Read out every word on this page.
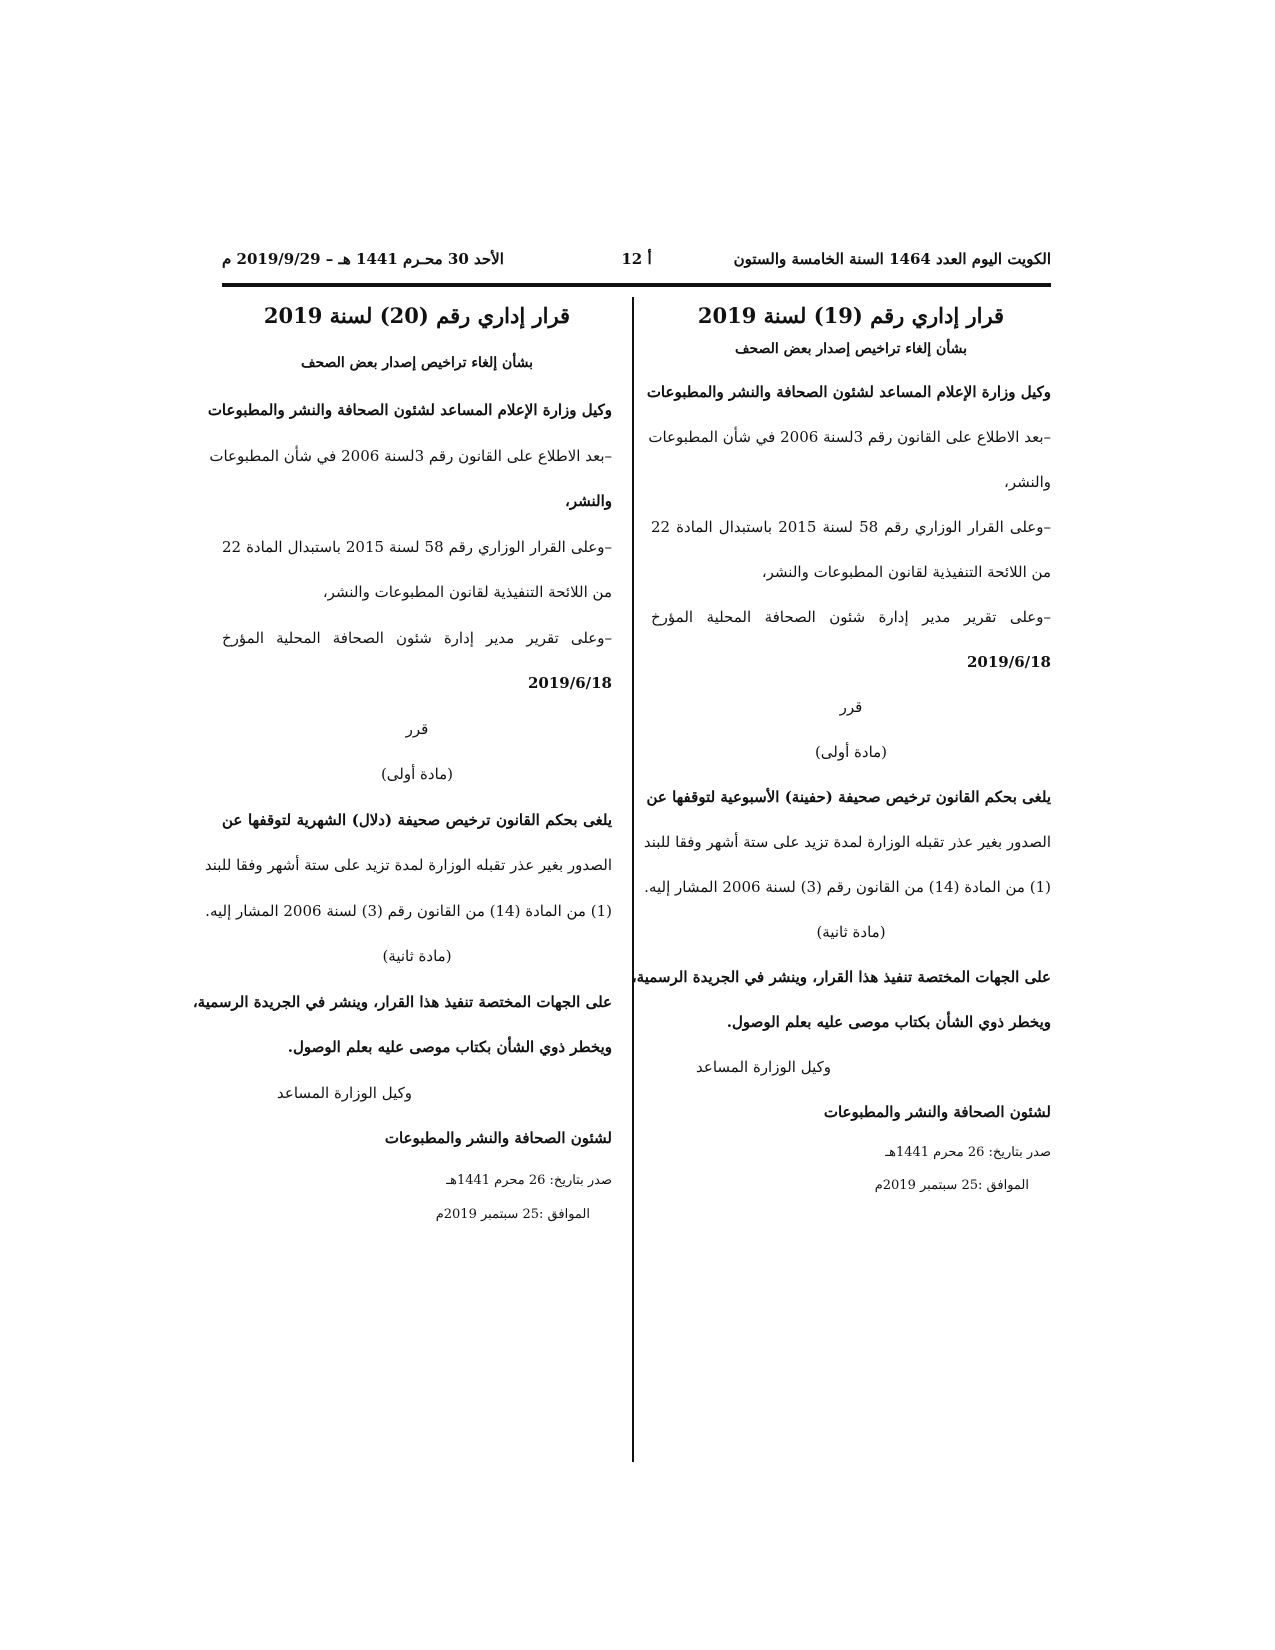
الكويت اليوم العدد 1464 السنة الخامسة والستون
أ 12
الأحد 30 محـرم 1441 هـ – 2019/9/29 م
قرار إداري رقم (19) لسنة 2019
بشأن إلغاء تراخيص إصدار بعض الصحف
وكيل وزارة الإعلام المساعد لشئون الصحافة والنشر والمطبوعات
–بعد الاطلاع على القانون رقم 3لسنة 2006 في شأن المطبوعات
والنشر،
–وعلى القرار الوزاري رقم 58 لسنة 2015 باستبدال المادة 22
من اللائحة التنفيذية لقانون المطبوعات والنشر،
–وعلى تقرير مدير إدارة شئون الصحافة المحلية المؤرخ
2019/6/18
قرر
(مادة أولى)
يلغى بحكم القانون ترخيص صحيفة (حفينة) الأسبوعية لتوقفها عن
الصدور بغير عذر تقبله الوزارة لمدة تزيد على ستة أشهر وفقا للبند
(1) من المادة (14) من القانون رقم (3) لسنة 2006 المشار إليه.
(مادة ثانية)
على الجهات المختصة تنفيذ هذا القرار، وينشر في الجريدة الرسمية،
ويخطر ذوي الشأن بكتاب موصى عليه بعلم الوصول.
وكيل الوزارة المساعد
لشئون الصحافة والنشر والمطبوعات
صدر بتاريخ: 26 محرم 1441هـ
الموافق :25 سبتمبر 2019م
قرار إداري رقم (20) لسنة 2019
بشأن إلغاء تراخيص إصدار بعض الصحف
وكيل وزارة الإعلام المساعد لشئون الصحافة والنشر والمطبوعات
–بعد الاطلاع على القانون رقم 3لسنة 2006 في شأن المطبوعات
والنشر،
–وعلى القرار الوزاري رقم 58 لسنة 2015 باستبدال المادة 22
من اللائحة التنفيذية لقانون المطبوعات والنشر،
–وعلى تقرير مدير إدارة شئون الصحافة المحلية المؤرخ
2019/6/18
قرر
(مادة أولى)
يلغى بحكم القانون ترخيص صحيفة (دلال) الشهرية لتوقفها عن
الصدور بغير عذر تقبله الوزارة لمدة تزيد على ستة أشهر وفقا للبند
(1) من المادة (14) من القانون رقم (3) لسنة 2006 المشار إليه.
(مادة ثانية)
على الجهات المختصة تنفيذ هذا القرار، وينشر في الجريدة الرسمية،
ويخطر ذوي الشأن بكتاب موصى عليه بعلم الوصول.
وكيل الوزارة المساعد
لشئون الصحافة والنشر والمطبوعات
صدر بتاريخ: 26 محرم 1441هـ
الموافق :25 سبتمبر 2019م
